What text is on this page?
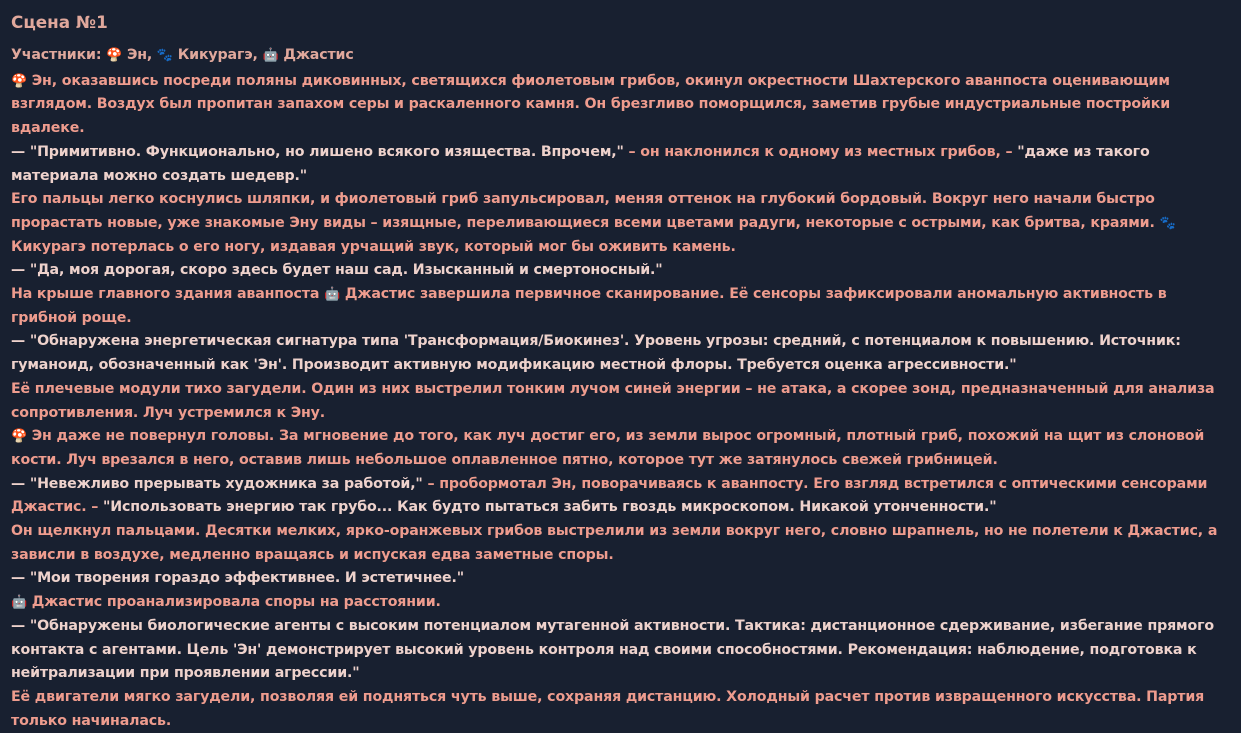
Сцена №1

Участники: 🍄 Эн, 🐾 Кикурагэ, 🤖 Джастис

🍄 Эн, оказавшись посреди поляны диковинных, светящихся фиолетовым грибов, окинул окрестности Шахтерского аванпоста оценивающим взглядом. Воздух был пропитан запахом серы и раскаленного камня. Он брезгливо поморщился, заметив грубые индустриальные постройки вдалеке.

— "Примитивно. Функционально, но лишено всякого изящества. Впрочем," – он наклонился к одному из местных грибов, – "даже из такого материала можно создать шедевр."

Его пальцы легко коснулись шляпки, и фиолетовый гриб запульсировал, меняя оттенок на глубокий бордовый. Вокруг него начали быстро прорастать новые, уже знакомые Эну виды – изящные, переливающиеся всеми цветами радуги, некоторые с острыми, как бритва, краями. 🐾 Кикурагэ потерлась о его ногу, издавая урчащий звук, который мог бы оживить камень.

— "Да, моя дорогая, скоро здесь будет наш сад. Изысканный и смертоносный."

На крыше главного здания аванпоста 🤖 Джастис завершила первичное сканирование. Её сенсоры зафиксировали аномальную активность в грибной роще.

— "Обнаружена энергетическая сигнатура типа 'Трансформация/Биокинез'. Уровень угрозы: средний, с потенциалом к повышению. Источник: гуманоид, обозначенный как 'Эн'. Производит активную модификацию местной флоры. Требуется оценка агрессивности."

Её плечевые модули тихо загудели. Один из них выстрелил тонким лучом синей энергии – не атака, а скорее зонд, предназначенный для анализа сопротивления. Луч устремился к Эну.

🍄 Эн даже не повернул головы. За мгновение до того, как луч достиг его, из земли вырос огромный, плотный гриб, похожий на щит из слоновой кости. Луч врезался в него, оставив лишь небольшое оплавленное пятно, которое тут же затянулось свежей грибницей.

— "Невежливо прерывать художника за работой," – пробормотал Эн, поворачиваясь к аванпосту. Его взгляд встретился с оптическими сенсорами Джастис. – "Использовать энергию так грубо... Как будто пытаться забить гвоздь микроскопом. Никакой утонченности."

Он щелкнул пальцами. Десятки мелких, ярко-оранжевых грибов выстрелили из земли вокруг него, словно шрапнель, но не полетели к Джастис, а зависли в воздухе, медленно вращаясь и испуская едва заметные споры.

— "Мои творения гораздо эффективнее. И эстетичнее."

🤖 Джастис проанализировала споры на расстоянии.

— "Обнаружены биологические агенты с высоким потенциалом мутагенной активности. Тактика: дистанционное сдерживание, избегание прямого контакта с агентами. Цель 'Эн' демонстрирует высокий уровень контроля над своими способностями. Рекомендация: наблюдение, подготовка к нейтрализации при проявлении агрессии."

Её двигатели мягко загудели, позволяя ей подняться чуть выше, сохраняя дистанцию. Холодный расчет против извращенного искусства. Партия только начиналась.
